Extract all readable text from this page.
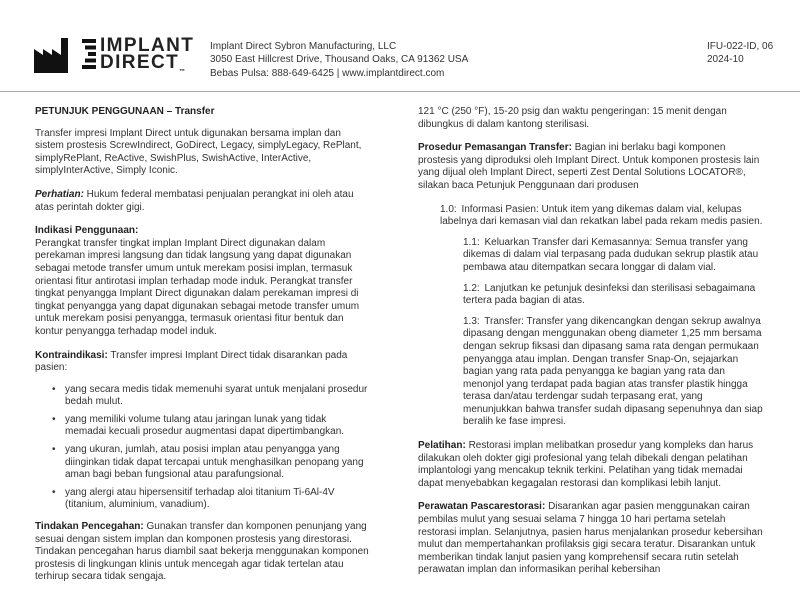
IMPLANT
DIRECT™
Implant Direct Sybron Manufacturing, LLC
3050 East Hillcrest Drive, Thousand Oaks, CA 91362 USA
Bebas Pulsa: 888-649-6425 | www.implantdirect.com
IFU-022-ID, 06
2024-10
PETUNJUK PENGGUNAAN – Transfer

Transfer impresi Implant Direct untuk digunakan bersama implan dan sistem prostesis ScrewIndirect, GoDirect, Legacy, simplyLegacy, RePlant, simplyRePlant, ReActive, SwishPlus, SwishActive, InterActive, simplyInterActive, Simply Iconic.

Perhatian: Hukum federal membatasi penjualan perangkat ini oleh atau atas perintah dokter gigi.

Indikasi Penggunaan:
Perangkat transfer tingkat implan Implant Direct digunakan dalam perekaman impresi langsung dan tidak langsung yang dapat digunakan sebagai metode transfer umum untuk merekam posisi implan, termasuk orientasi fitur antirotasi implan terhadap mode induk. Perangkat transfer tingkat penyangga Implant Direct digunakan dalam perekaman impresi di tingkat penyangga yang dapat digunakan sebagai metode transfer umum untuk merekam posisi penyangga, termasuk orientasi fitur bentuk dan kontur penyangga terhadap model induk.

Kontraindikasi: Transfer impresi Implant Direct tidak disarankan pada pasien:

• yang secara medis tidak memenuhi syarat untuk menjalani prosedur bedah mulut.
• yang memiliki volume tulang atau jaringan lunak yang tidak memadai kecuali prosedur augmentasi dapat dipertimbangkan.
• yang ukuran, jumlah, atau posisi implan atau penyangga yang diinginkan tidak dapat tercapai untuk menghasilkan penopang yang aman bagi beban fungsional atau parafungsional.
• yang alergi atau hipersensitif terhadap aloi titanium Ti-6Al-4V (titanium, aluminium, vanadium).

Tindakan Pencegahan: Gunakan transfer dan komponen penunjang yang sesuai dengan sistem implan dan komponen prostesis yang direstorasi. Tindakan pencegahan harus diambil saat bekerja menggunakan komponen prostesis di lingkungan klinis untuk mencegah agar tidak tertelan atau terhirup secara tidak sengaja.

121 °C (250 °F), 15-20 psig dan waktu pengeringan: 15 menit dengan dibungkus di dalam kantong sterilisasi.

Prosedur Pemasangan Transfer: Bagian ini berlaku bagi komponen prostesis yang diproduksi oleh Implant Direct. Untuk komponen prostesis lain yang dijual oleh Implant Direct, seperti Zest Dental Solutions LOCATOR®, silakan baca Petunjuk Penggunaan dari produsen

1.0: Informasi Pasien: Untuk item yang dikemas dalam vial, kelupas labelnya dari kemasan vial dan rekatkan label pada rekam medis pasien.
1.1: Keluarkan Transfer dari Kemasannya: Semua transfer yang dikemas di dalam vial terpasang pada dudukan sekrup plastik atau pembawa atau ditempatkan secara longgar di dalam vial.
1.2: Lanjutkan ke petunjuk desinfeksi dan sterilisasi sebagaimana tertera pada bagian di atas.
1.3: Transfer: Transfer yang dikencangkan dengan sekrup awalnya dipasang dengan menggunakan obeng diameter 1,25 mm bersama dengan sekrup fiksasi dan dipasang sama rata dengan permukaan penyangga atau implan. Dengan transfer Snap-On, sejajarkan bagian yang rata pada penyangga ke bagian yang rata dan menonjol yang terdapat pada bagian atas transfer plastik hingga terasa dan/atau terdengar sudah terpasang erat, yang menunjukkan bahwa transfer sudah dipasang sepenuhnya dan siap beralih ke fase impresi.

Pelatihan: Restorasi implan melibatkan prosedur yang kompleks dan harus dilakukan oleh dokter gigi profesional yang telah dibekali dengan pelatihan implantologi yang mencakup teknik terkini. Pelatihan yang tidak memadai dapat menyebabkan kegagalan restorasi dan komplikasi lebih lanjut.

Perawatan Pascarestorasi: Disarankan agar pasien menggunakan cairan pembilas mulut yang sesuai selama 7 hingga 10 hari pertama setelah restorasi implan. Selanjutnya, pasien harus menjalankan prosedur kebersihan mulut dan mempertahankan profilaksis gigi secara teratur. Disarankan untuk memberikan tindak lanjut pasien yang komprehensif secara rutin setelah perawatan implan dan informasikan perihal kebersihan
